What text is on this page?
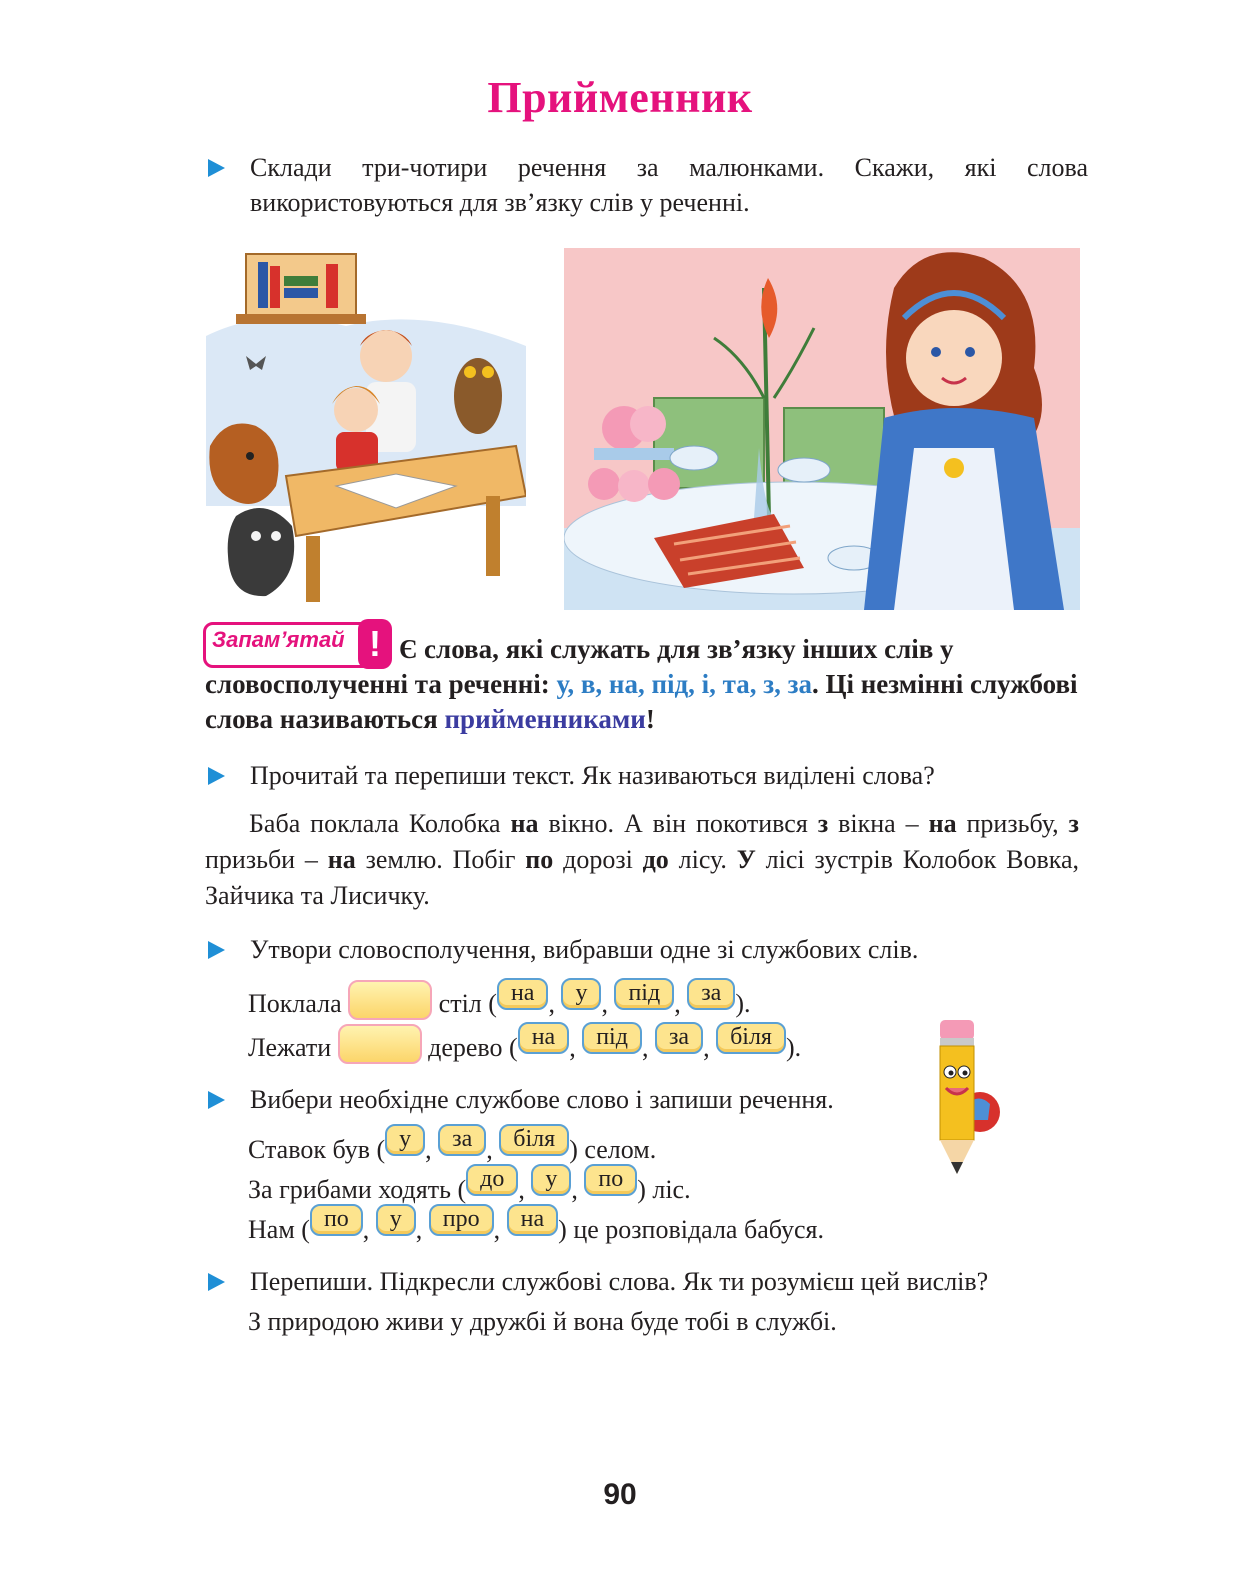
Прийменник
Склади три-чотири речення за малюнками. Скажи, які слова використовуються для зв’язку слів у реченні.
Запам’ятай ! Є слова, які служать для зв’язку інших слів у словосполученні та реченні: у, в, на, під, і, та, з, за. Ці незмінні службові слова називаються прийменниками!
Прочитай та перепиши текст. Як називаються виділені слова?
Баба поклала Колобка на вікно. А він покотився з вікна – на призьбу, з призьби – на землю. Побіг по дорозі до лісу. У лісі зустрів Колобок Вовка, Зайчика та Лисичку.
Утвори словосполучення, вибравши одне зі службових слів.
Поклала	стіл ( на , у , під , за ).
Лежати	дерево ( на , під , за , біля ).
Вибери необхідне службове слово і запиши речення.
Ставок був ( у , за , біля ) селом.
За грибами ходять ( до , у , по ) ліс.
Нам ( по , у , про , на ) це розповідала бабуся.
Перепиши. Підкресли службові слова. Як ти розумієш цей вислів?
З природою живи у дружбі й вона буде тобі в службі.
90
